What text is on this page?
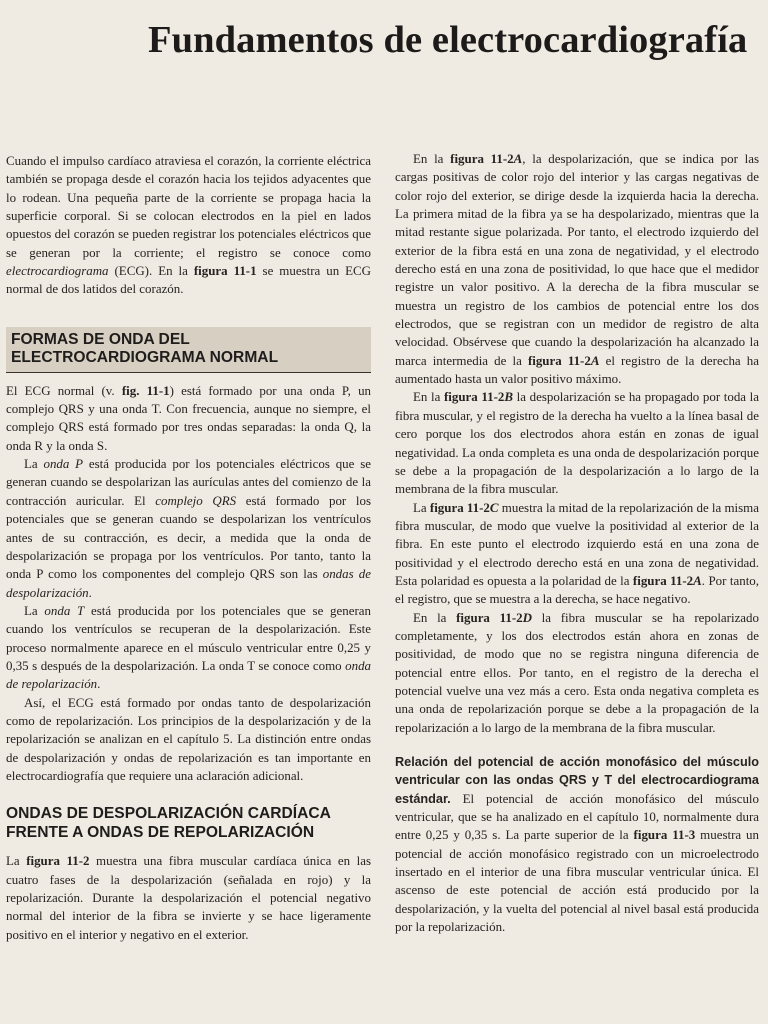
Fundamentos de electrocardiografía

Cuando el impulso cardíaco atraviesa el corazón, la corriente eléctrica también se propaga desde el corazón hacia los tejidos adyacentes que lo rodean. Una pequeña parte de la corriente se propaga hacia la superficie corporal. Si se colocan electrodos en la piel en lados opuestos del corazón se pueden registrar los potenciales eléctricos que se generan por la corriente; el registro se conoce como electrocardiograma (ECG). En la figura 11-1 se muestra un ECG normal de dos latidos del corazón.

FORMAS DE ONDA DEL ELECTROCARDIOGRAMA NORMAL

El ECG normal (v. fig. 11-1) está formado por una onda P, un complejo QRS y una onda T. Con frecuencia, aunque no siempre, el complejo QRS está formado por tres ondas separadas: la onda Q, la onda R y la onda S.

La onda P está producida por los potenciales eléctricos que se generan cuando se despolarizan las aurículas antes del comienzo de la contracción auricular. El complejo QRS está formado por los potenciales que se generan cuando se despolarizan los ventrículos antes de su contracción, es decir, a medida que la onda de despolarización se propaga por los ventrículos. Por tanto, tanto la onda P como los componentes del complejo QRS son las ondas de despolarización.

La onda T está producida por los potenciales que se generan cuando los ventrículos se recuperan de la despolarización. Este proceso normalmente aparece en el músculo ventricular entre 0,25 y 0,35 s después de la despolarización. La onda T se conoce como onda de repolarización.

Así, el ECG está formado por ondas tanto de despolarización como de repolarización. Los principios de la despolarización y de la repolarización se analizan en el capítulo 5. La distinción entre ondas de despolarización y ondas de repolarización es tan importante en electrocardiografía que requiere una aclaración adicional.

ONDAS DE DESPOLARIZACIÓN CARDÍACA FRENTE A ONDAS DE REPOLARIZACIÓN

La figura 11-2 muestra una fibra muscular cardíaca única en las cuatro fases de la despolarización (señalada en rojo) y la repolarización. Durante la despolarización el potencial negativo normal del interior de la fibra se invierte y se hace ligeramente positivo en el interior y negativo en el exterior.

En la figura 11-2A, la despolarización, que se indica por las cargas positivas de color rojo del interior y las cargas negativas de color rojo del exterior, se dirige desde la izquierda hacia la derecha. La primera mitad de la fibra ya se ha despolarizado, mientras que la mitad restante sigue polarizada. Por tanto, el electrodo izquierdo del exterior de la fibra está en una zona de negatividad, y el electrodo derecho está en una zona de positividad, lo que hace que el medidor registre un valor positivo. A la derecha de la fibra muscular se muestra un registro de los cambios de potencial entre los dos electrodos, que se registran con un medidor de registro de alta velocidad. Obsérvese que cuando la despolarización ha alcanzado la marca intermedia de la figura 11-2A el registro de la derecha ha aumentado hasta un valor positivo máximo.

En la figura 11-2B la despolarización se ha propagado por toda la fibra muscular, y el registro de la derecha ha vuelto a la línea basal de cero porque los dos electrodos ahora están en zonas de igual negatividad. La onda completa es una onda de despolarización porque se debe a la propagación de la despolarización a lo largo de la membrana de la fibra muscular.

La figura 11-2C muestra la mitad de la repolarización de la misma fibra muscular, de modo que vuelve la positividad al exterior de la fibra. En este punto el electrodo izquierdo está en una zona de positividad y el electrodo derecho está en una zona de negatividad. Esta polaridad es opuesta a la polaridad de la figura 11-2A. Por tanto, el registro, que se muestra a la derecha, se hace negativo.

En la figura 11-2D la fibra muscular se ha repolarizado completamente, y los dos electrodos están ahora en zonas de positividad, de modo que no se registra ninguna diferencia de potencial entre ellos. Por tanto, en el registro de la derecha el potencial vuelve una vez más a cero. Esta onda negativa completa es una onda de repolarización porque se debe a la propagación de la repolarización a lo largo de la membrana de la fibra muscular.

Relación del potencial de acción monofásico del músculo ventricular con las ondas QRS y T del electrocardiograma estándar. El potencial de acción monofásico del músculo ventricular, que se ha analizado en el capítulo 10, normalmente dura entre 0,25 y 0,35 s. La parte superior de la figura 11-3 muestra un potencial de acción monofásico registrado con un microelectrodo insertado en el interior de una fibra muscular ventricular única. El ascenso de este potencial de acción está producido por la despolarización, y la vuelta del potencial al nivel basal está producida por la repolarización.
